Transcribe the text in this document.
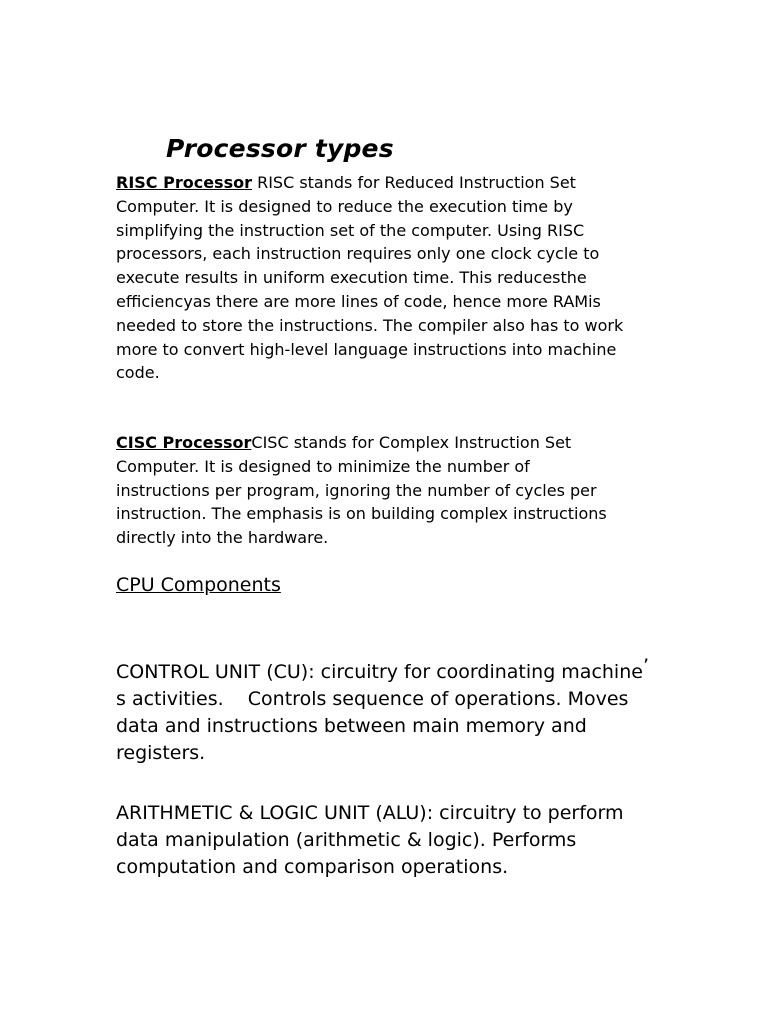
Processor types
RISC Processor RISC stands for Reduced Instruction Set
Computer. It is designed to reduce the execution time by
simplifying the instruction set of the computer. Using RISC
processors, each instruction requires only one clock cycle to
execute results in uniform execution time. This reducesthe
efficiencyas there are more lines of code, hence more RAMis
needed to store the instructions. The compiler also has to work
more to convert high-level language instructions into machine
code.
CISC ProcessorCISC stands for Complex Instruction Set
Computer. It is designed to minimize the number of
instructions per program, ignoring the number of cycles per
instruction. The emphasis is on building complex instructions
directly into the hardware.
CPU Components
CONTROL UNIT (CU): circuitry for coordinating machine’
s activities.    Controls sequence of operations. Moves
data and instructions between main memory and
registers.
ARITHMETIC & LOGIC UNIT (ALU): circuitry to perform
data manipulation (arithmetic & logic). Performs
computation and comparison operations.
